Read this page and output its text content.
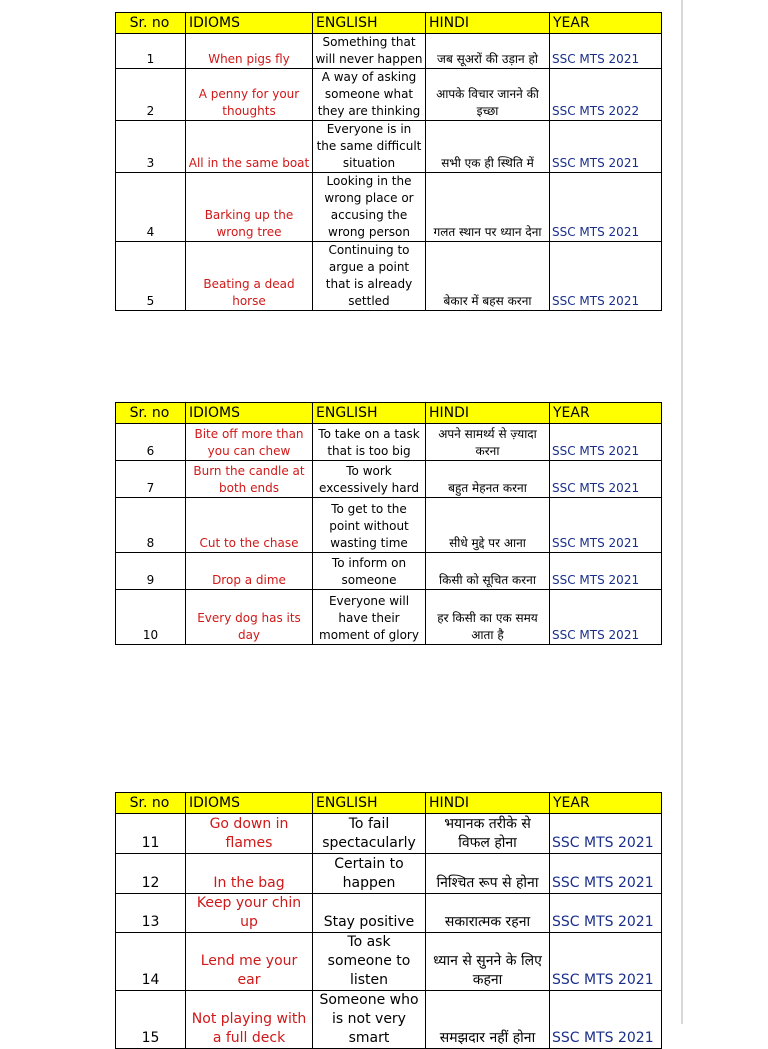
Sr. no	IDIOMS	ENGLISH	HINDI	YEAR
1	When pigs fly	Something that will never happen	जब सूअरों की उड़ान हो	SSC MTS 2021
2	A penny for your thoughts	A way of asking someone what they are thinking	आपके विचार जानने की इच्छा	SSC MTS 2022
3	All in the same boat	Everyone is in the same difficult situation	सभी एक ही स्थिति में	SSC MTS 2021
4	Barking up the wrong tree	Looking in the wrong place or accusing the wrong person	गलत स्थान पर ध्यान देना	SSC MTS 2021
5	Beating a dead horse	Continuing to argue a point that is already settled	बेकार में बहस करना	SSC MTS 2021
Sr. no	IDIOMS	ENGLISH	HINDI	YEAR
6	Bite off more than you can chew	To take on a task that is too big	अपने सामर्थ्य से ज़्यादा करना	SSC MTS 2021
7	Burn the candle at both ends	To work excessively hard	बहुत मेहनत करना	SSC MTS 2021
8	Cut to the chase	To get to the point without wasting time	सीधे मुद्दे पर आना	SSC MTS 2021
9	Drop a dime	To inform on someone	किसी को सूचित करना	SSC MTS 2021
10	Every dog has its day	Everyone will have their moment of glory	हर किसी का एक समय आता है	SSC MTS 2021
Sr. no	IDIOMS	ENGLISH	HINDI	YEAR
11	Go down in flames	To fail spectacularly	भयानक तरीके से विफल होना	SSC MTS 2021
12	In the bag	Certain to happen	निश्चित रूप से होना	SSC MTS 2021
13	Keep your chin up	Stay positive	सकारात्मक रहना	SSC MTS 2021
14	Lend me your ear	To ask someone to listen	ध्यान से सुनने के लिए कहना	SSC MTS 2021
15	Not playing with a full deck	Someone who is not very smart	समझदार नहीं होना	SSC MTS 2021
